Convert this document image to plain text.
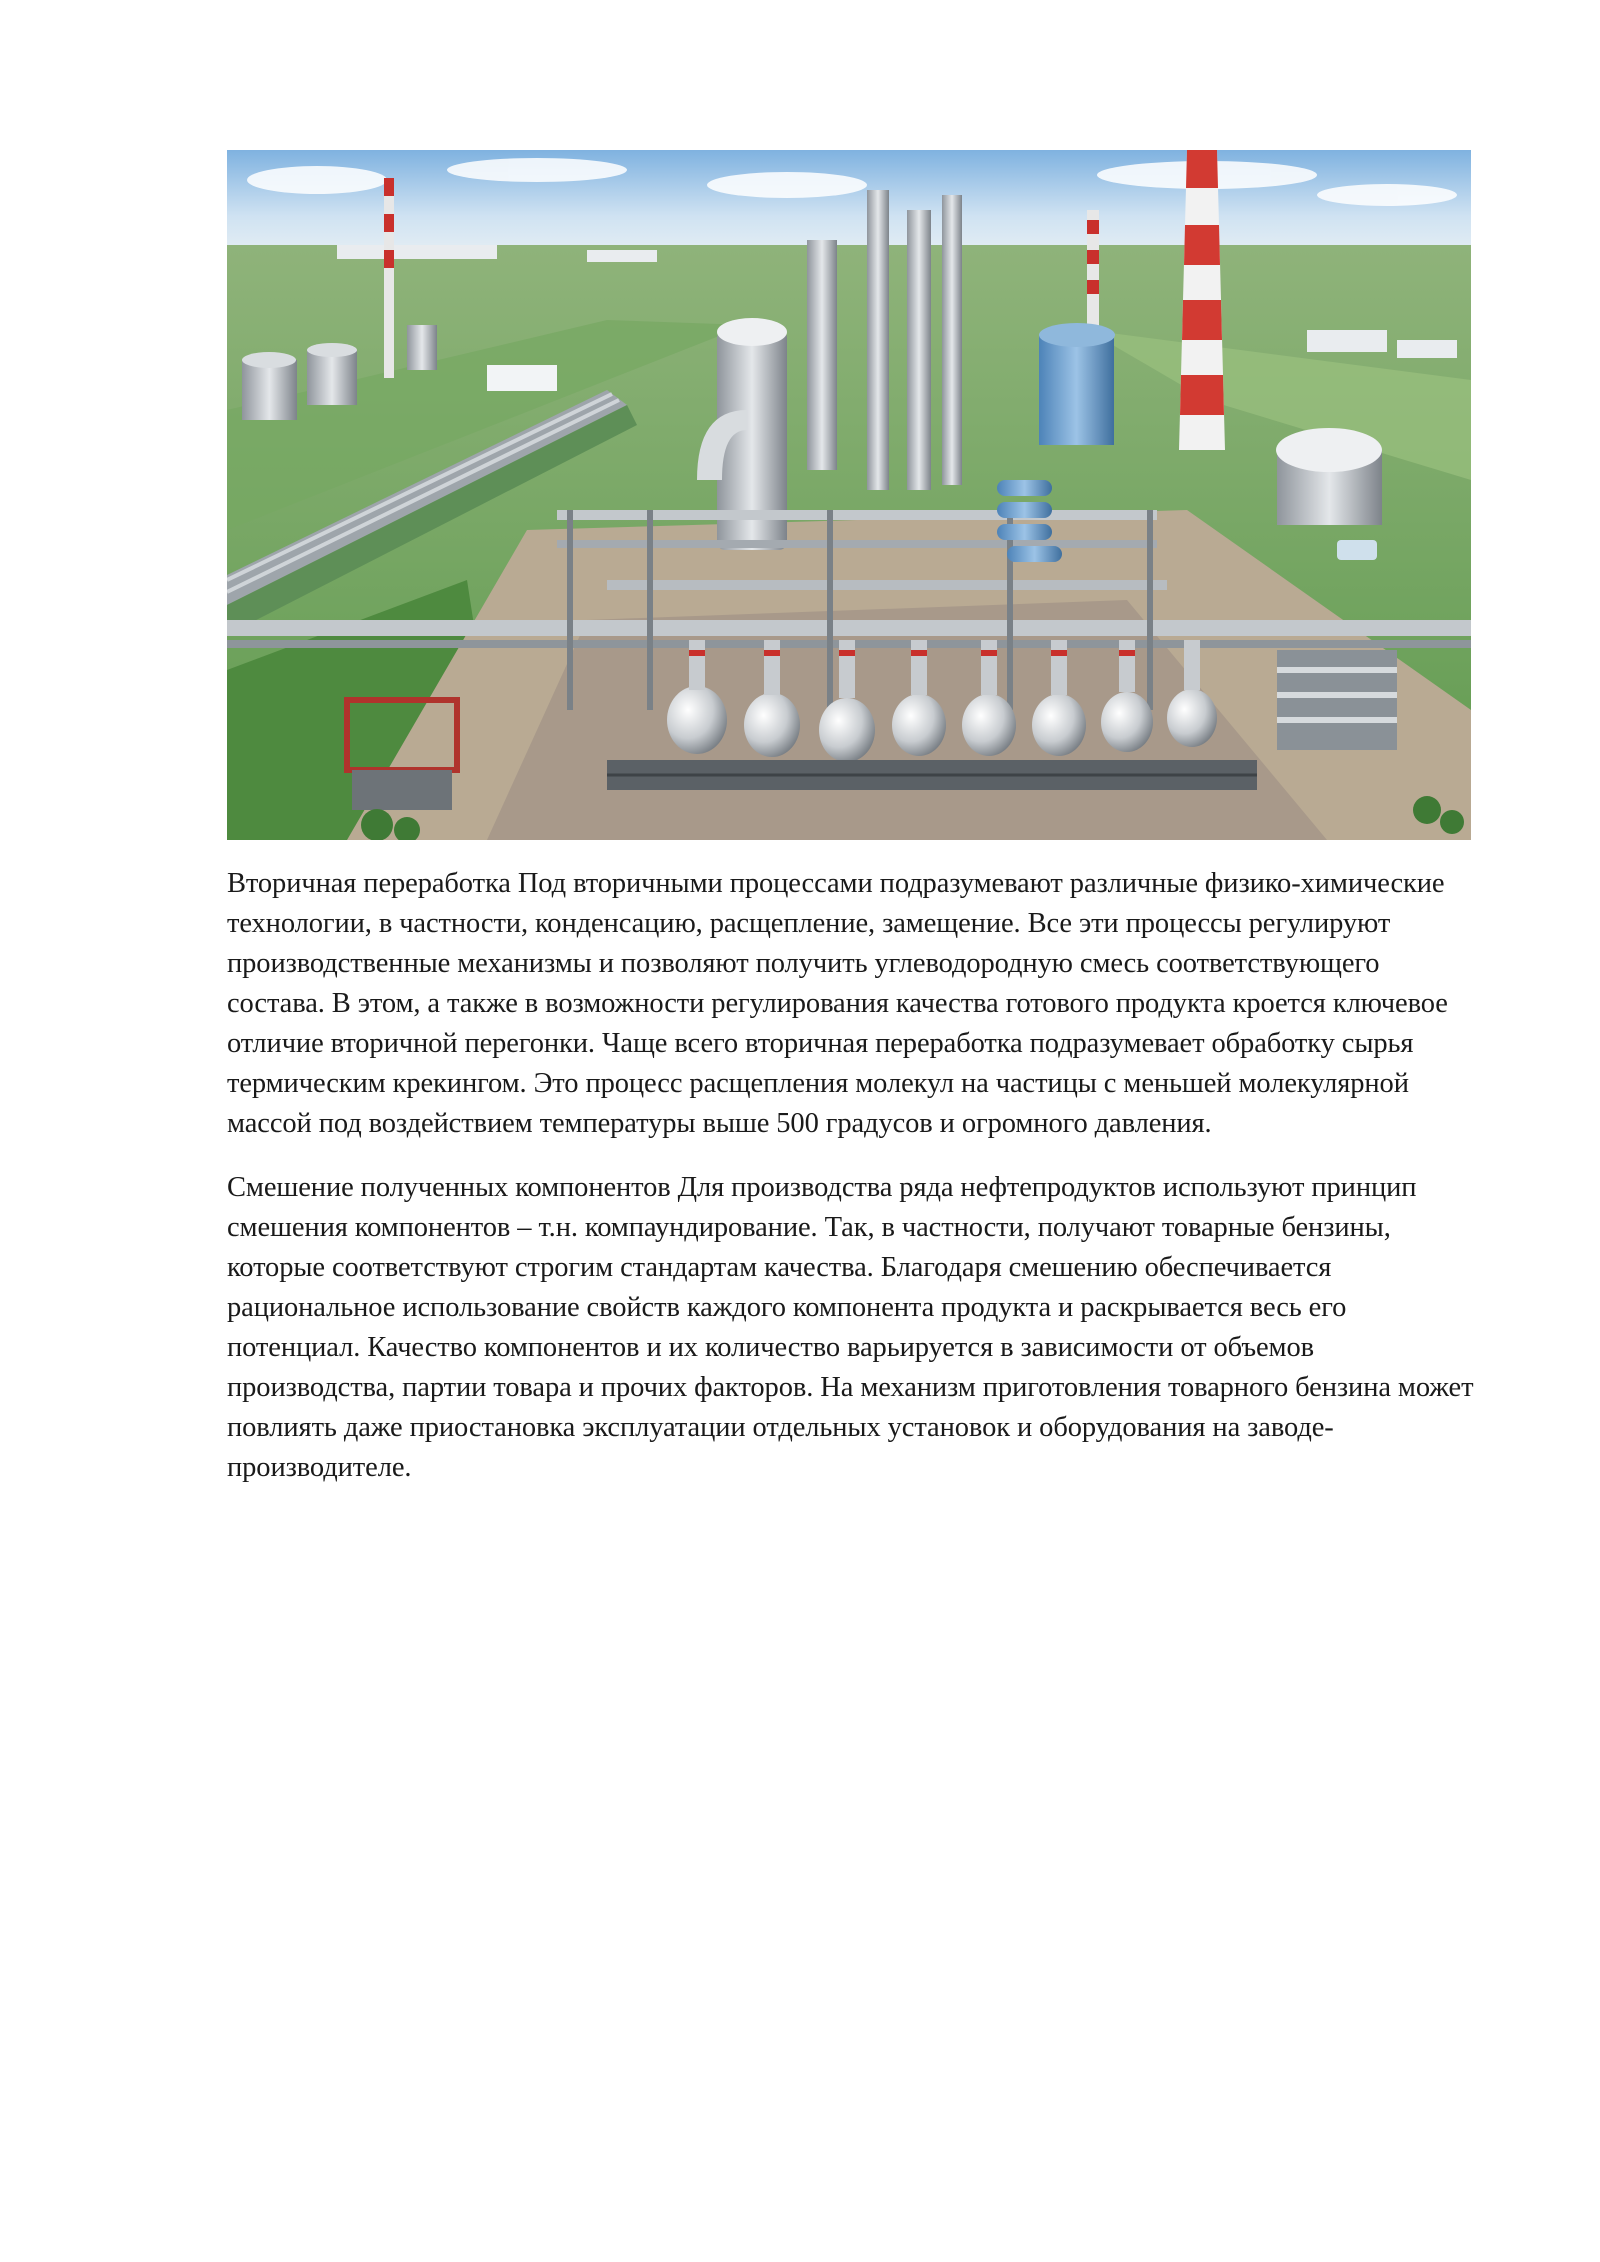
Вторичная переработка Под вторичными процессами подразумевают различные физико-химические технологии, в частности, конденсацию, расщепление, замещение. Все эти процессы регулируют производственные механизмы и позволяют получить углеводородную смесь соответствующего состава. В этом, а также в возможности регулирования качества готового продукта кроется ключевое отличие вторичной перегонки. Чаще всего вторичная переработка подразумевает обработку сырья термическим крекингом. Это процесс расщепления молекул на частицы с меньшей молекулярной массой под воздействием температуры выше 500 градусов и огромного давления.

Смешение полученных компонентов Для производства ряда нефтепродуктов используют принцип смешения компонентов – т.н. компаундирование. Так, в частности, получают товарные бензины, которые соответствуют строгим стандартам качества. Благодаря смешению обеспечивается рациональное использование свойств каждого компонента продукта и раскрывается весь его потенциал. Качество компонентов и их количество варьируется в зависимости от объемов производства, партии товара и прочих факторов. На механизм приготовления товарного бензина может повлиять даже приостановка эксплуатации отдельных установок и оборудования на заводе-производителе.
